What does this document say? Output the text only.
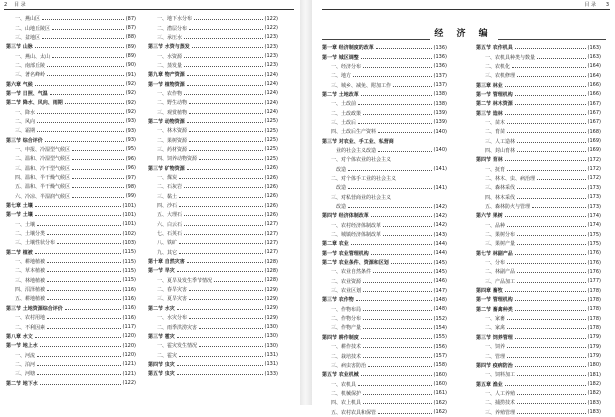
2 目 录
一、燕山区	(87)
二、山地丘陵区	(87)
三、盆地区	(88)
第三节 山脉	(89)
一、燕山、太山	(89)
二、南部丘陵	(90)
三、著名峰岭	(91)
第六章 气候	(92)
第一节 日照、气温	(92)
第二节 降水、风向、雨期	(92)
一、降水	(92)
二、风向	(93)
三、霜期	(93)
第三节 综合评价	(93)
一、申报、冷湿型气候区	(95)
二、温和、冷湿型气候区	(96)
三、温和、冷干型气候区	(96)
四、温和、半干燥气候区	(97)
五、温和、半干燥气候区	(98)
六、冷凉、半湿润气候区	(99)
第七章 土壤	(101)
第一节 土壤	(101)
一、土壤	(101)
二、土壤分类	(102)
三、土壤性状分布	(103)
第二节 植被	(115)
一、耕地植被	(115)
二、草本植被	(115)
三、林地植被	(115)
四、沼泽植被	(116)
五、耕地植被	(116)
第三节 土地资源综合评价	(116)
一、农村用地	(116)
二、不利因素	(117)
第八章 水文	(120)
第一节 地上水	(120)
一、河流	(120)
二、泊河	(121)
三、河塘	(121)
第二节 地下水	(122)
一、地下水分布	(122)
二、潜层分布	(122)
三、承压水	(123)
第三节 水资与蒸发	(123)
一、水资源	(123)
二、蒸发量	(123)
第九章 物产资源	(124)
第一节 植物资源	(124)
一、农作物	(124)
二、野生动物	(124)
三、观赏植物	(124)
第二节 动物资源	(125)
一、林木资源	(125)
二、果树资源	(125)
三、药材资源	(125)
四、饲养动物资源	(125)
第三节 矿物资源	(126)
一、煤炭	(126)
二、石灰岩	(126)
三、黏土	(126)
四、沙石	(126)
五、大理石	(126)
六、白云石	(127)
七、石英石	(127)
八、铁矿	(127)
九、其它	(127)
第十章 自然灾害	(128)
第一节 旱灾	(128)
一、夏旱及发生季节情况	(128)
二、春旱灾害	(129)
三、夏旱灾害	(129)
第二节 水灾	(129)
一、水灾分布	(129)
二、雨季洪涝灾害	(130)
第三节 雹灾	(130)
一、雹灾发生情况	(130)
二、雹灾	(131)
第四节 虫灾	(131)
第五节 虫灾	(133)
目 录 3
经 济 编
第一章 经济制度的改革	(136)
第一节 城区调整	(136)
一、经济分布	(136)
二、地方	(137)
三、城乡、减免、附加工作	(137)
第二节 土地改革	(138)
一、土改前	(138)
二、土改政策	(139)
三、土改后	(139)
四、土改后生产资料	(140)
第三节 对农业、手工业、私营商
业的社会主义改造	(140)
一、对个体农业的社会主义
改造	(141)
二、对个体手工业的社会主义
改造	(141)
三、对私营商业的社会主义
改造	(142)
第四节 经济体制改革	(142)
一、农村经济体制改革	(142)
二、城镇经济体制改革	(143)
第二章 农业	(144)
第一节 农业管理机构	(144)
第二节 农业条件、资源和区划	(145)
一、农业自然条件	(145)
二、农业资源	(146)
三、农业区划	(147)
第三节 农作物	(148)
一、作物布局	(148)
二、作物分布	(152)
三、作物产量	(154)
第四节 耕作制度	(155)
一、耕作技术	(156)
二、栽培技术	(157)
三、病虫害防治	(158)
第五节 农业机械	(160)
一、农机具	(160)
二、机械保护	(161)
四、农上机具	(162)
五、农村农具和保管	(162)
第五节 农作机具	(163)
一、农机具种类与数量	(163)
二、农机化	(164)
三、农机修理	(164)
第三章 林业	(166)
第一节 管理机构	(166)
第二节 林木资源	(167)
第三节 造林	(167)
一、苗木	(167)
二、育苗	(168)
三、人工造林	(169)
四、封山育林	(169)
第四节 育林	(172)
一、抚育	(172)
二、林木、虫、病治理	(172)
三、森林采伐	(173)
四、林木采伐	(173)
五、森林防火与管理	(173)
第六节 果树	(174)
一、品种	(174)
二、果树分布	(175)
三、果树产量	(175)
第七节 林副产品	(176)
一、分布	(176)
二、林副产品	(176)
三、产品加工	(177)
第四章 畜牧	(178)
第一节 管理机构	(178)
第二节 畜禽种类	(178)
一、家畜	(178)
二、家禽	(178)
第三节 饲养管理	(179)
一、饲养	(179)
二、管理	(179)
第四节 疫病防治	(180)
一、饲料加工	(181)
第五章 渔业	(182)
一、人工养殖	(182)
二、捕捞技术	(183)
三、养殖管理	(183)
